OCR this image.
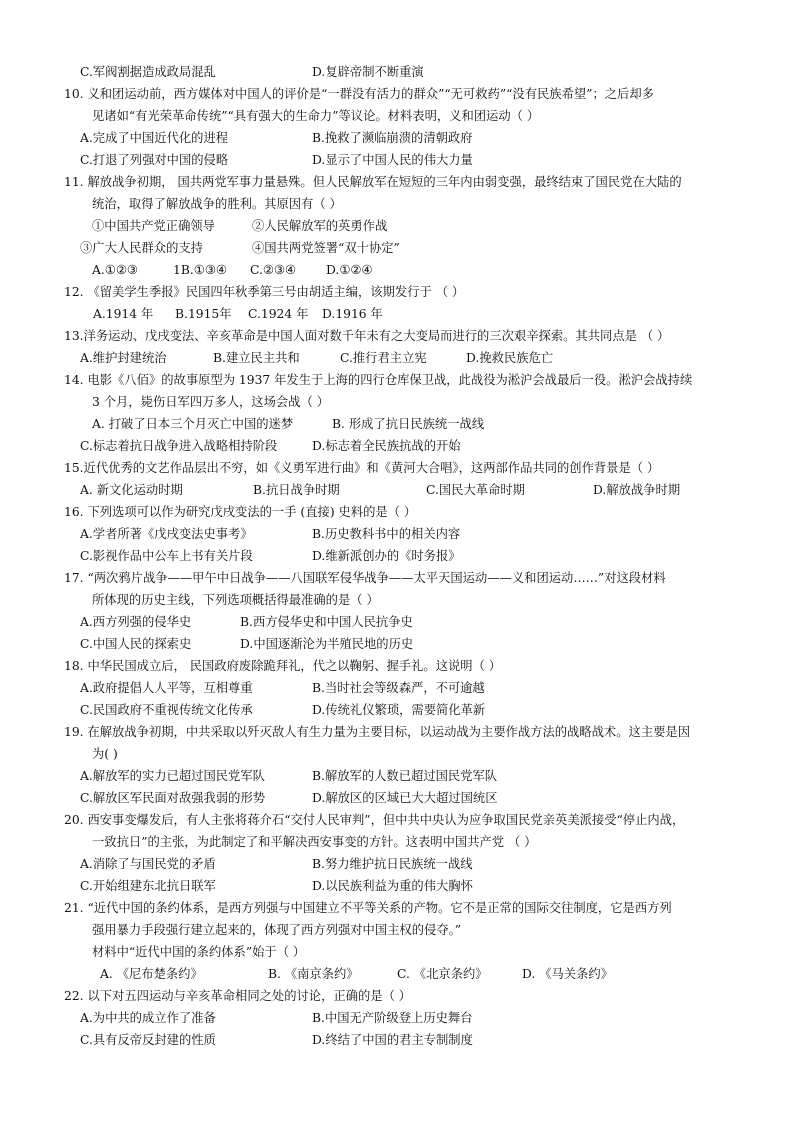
C.军阀割据造成政局混乱	D.复辟帝制不断重演
10. 义和团运动前，西方媒体对中国人的评价是“一群没有活力的群众”“无可救药”“没有民族希望”；之后却多
见诸如“有光荣革命传统”“具有强大的生命力”等议论。材料表明，义和团运动（ ）
A.完成了中国近代化的进程	B.挽救了濒临崩溃的清朝政府
C.打退了列强对中国的侵略	D.显示了中国人民的伟大力量
11. 解放战争初期， 国共两党军事力量悬殊。但人民解放军在短短的三年内由弱变强，最终结束了国民党在大陆的
统治，取得了解放战争的胜利。其原因有（ ）
①中国共产党正确领导	②人民解放军的英勇作战
③广大人民群众的支持	④国共两党签署“双十协定”
A.①②③	1B.①③④ C.②③④ D.①②④
12. 《留美学生季报》民国四年秋季第三号由胡适主编，该期发行于 （ ）
A.1914 年 B.1915年 C.1924 年 D.1916 年
13.洋务运动、戊戌变法、辛亥革命是中国人面对数千年未有之大变局而进行的三次艰辛探索。其共同点是 （ ）
A.维护封建统治	B.建立民主共和	C.推行君主立宪	D.挽救民族危亡
14. 电影《八佰》的故事原型为 1937 年发生于上海的四行仓库保卫战，此战役为淞沪会战最后一役。淞沪会战持续
3 个月，毙伤日军四万多人，这场会战（ ）
A. 打破了日本三个月灭亡中国的迷梦	B. 形成了抗日民族统一战线
C.标志着抗日战争进入战略相持阶段	D.标志着全民族抗战的开始
15.近代优秀的文艺作品层出不穷，如《义勇军进行曲》和《黄河大合唱》，这两部作品共同的创作背景是（ ）
A. 新文化运动时期	B.抗日战争时期	C.国民大革命时期	D.解放战争时期
16. 下列选项可以作为研究戊戌变法的一手 (直接) 史料的是（ ）
A.学者所著《戊戌变法史事考》	B.历史教科书中的相关内容
C.影视作品中公车上书有关片段	D.维新派创办的《时务报》
17. “两次鸦片战争——甲午中日战争——八国联军侵华战争——太平天国运动——义和团运动……”对这段材料
所体现的历史主线，下列选项概括得最准确的是（ ）
A.西方列强的侵华史	B.西方侵华史和中国人民抗争史
C.中国人民的探索史	D.中国逐渐沦为半殖民地的历史
18. 中华民国成立后， 民国政府废除跪拜礼，代之以鞠躬、握手礼。这说明（ ）
A.政府提倡人人平等，互相尊重	B.当时社会等级森严，不可逾越
C.民国政府不重视传统文化传承	D.传统礼仪繁琐，需要简化革新
19. 在解放战争初期，中共采取以歼灭敌人有生力量为主要目标，以运动战为主要作战方法的战略战术。这主要是因
为( )
A.解放军的实力已超过国民党军队	B.解放军的人数已超过国民党军队
C.解放区军民面对敌强我弱的形势	D.解放区的区域已大大超过国统区
20. 西安事变爆发后，有人主张将蒋介石“交付人民审判”，但中共中央认为应争取国民党亲英美派接受“停止内战，
一致抗日”的主张，为此制定了和平解决西安事变的方针。这表明中国共产党 （ ）
A.消除了与国民党的矛盾	B.努力维护抗日民族统一战线
C.开始组建东北抗日联军	D.以民族利益为重的伟大胸怀
21. “近代中国的条约体系，是西方列强与中国建立不平等关系的产物。它不是正常的国际交往制度，它是西方列
强用暴力手段强行建立起来的，体现了西方列强对中国主权的侵夺。”
材料中“近代中国的条约体系”始于（ ）
A. 《尼布楚条约》	B. 《南京条约》	C. 《北京条约》	D. 《马关条约》
22. 以下对五四运动与辛亥革命相同之处的讨论，正确的是（ ）
A.为中共的成立作了准备	B.中国无产阶级登上历史舞台
C.具有反帝反封建的性质	D.终结了中国的君主专制制度
